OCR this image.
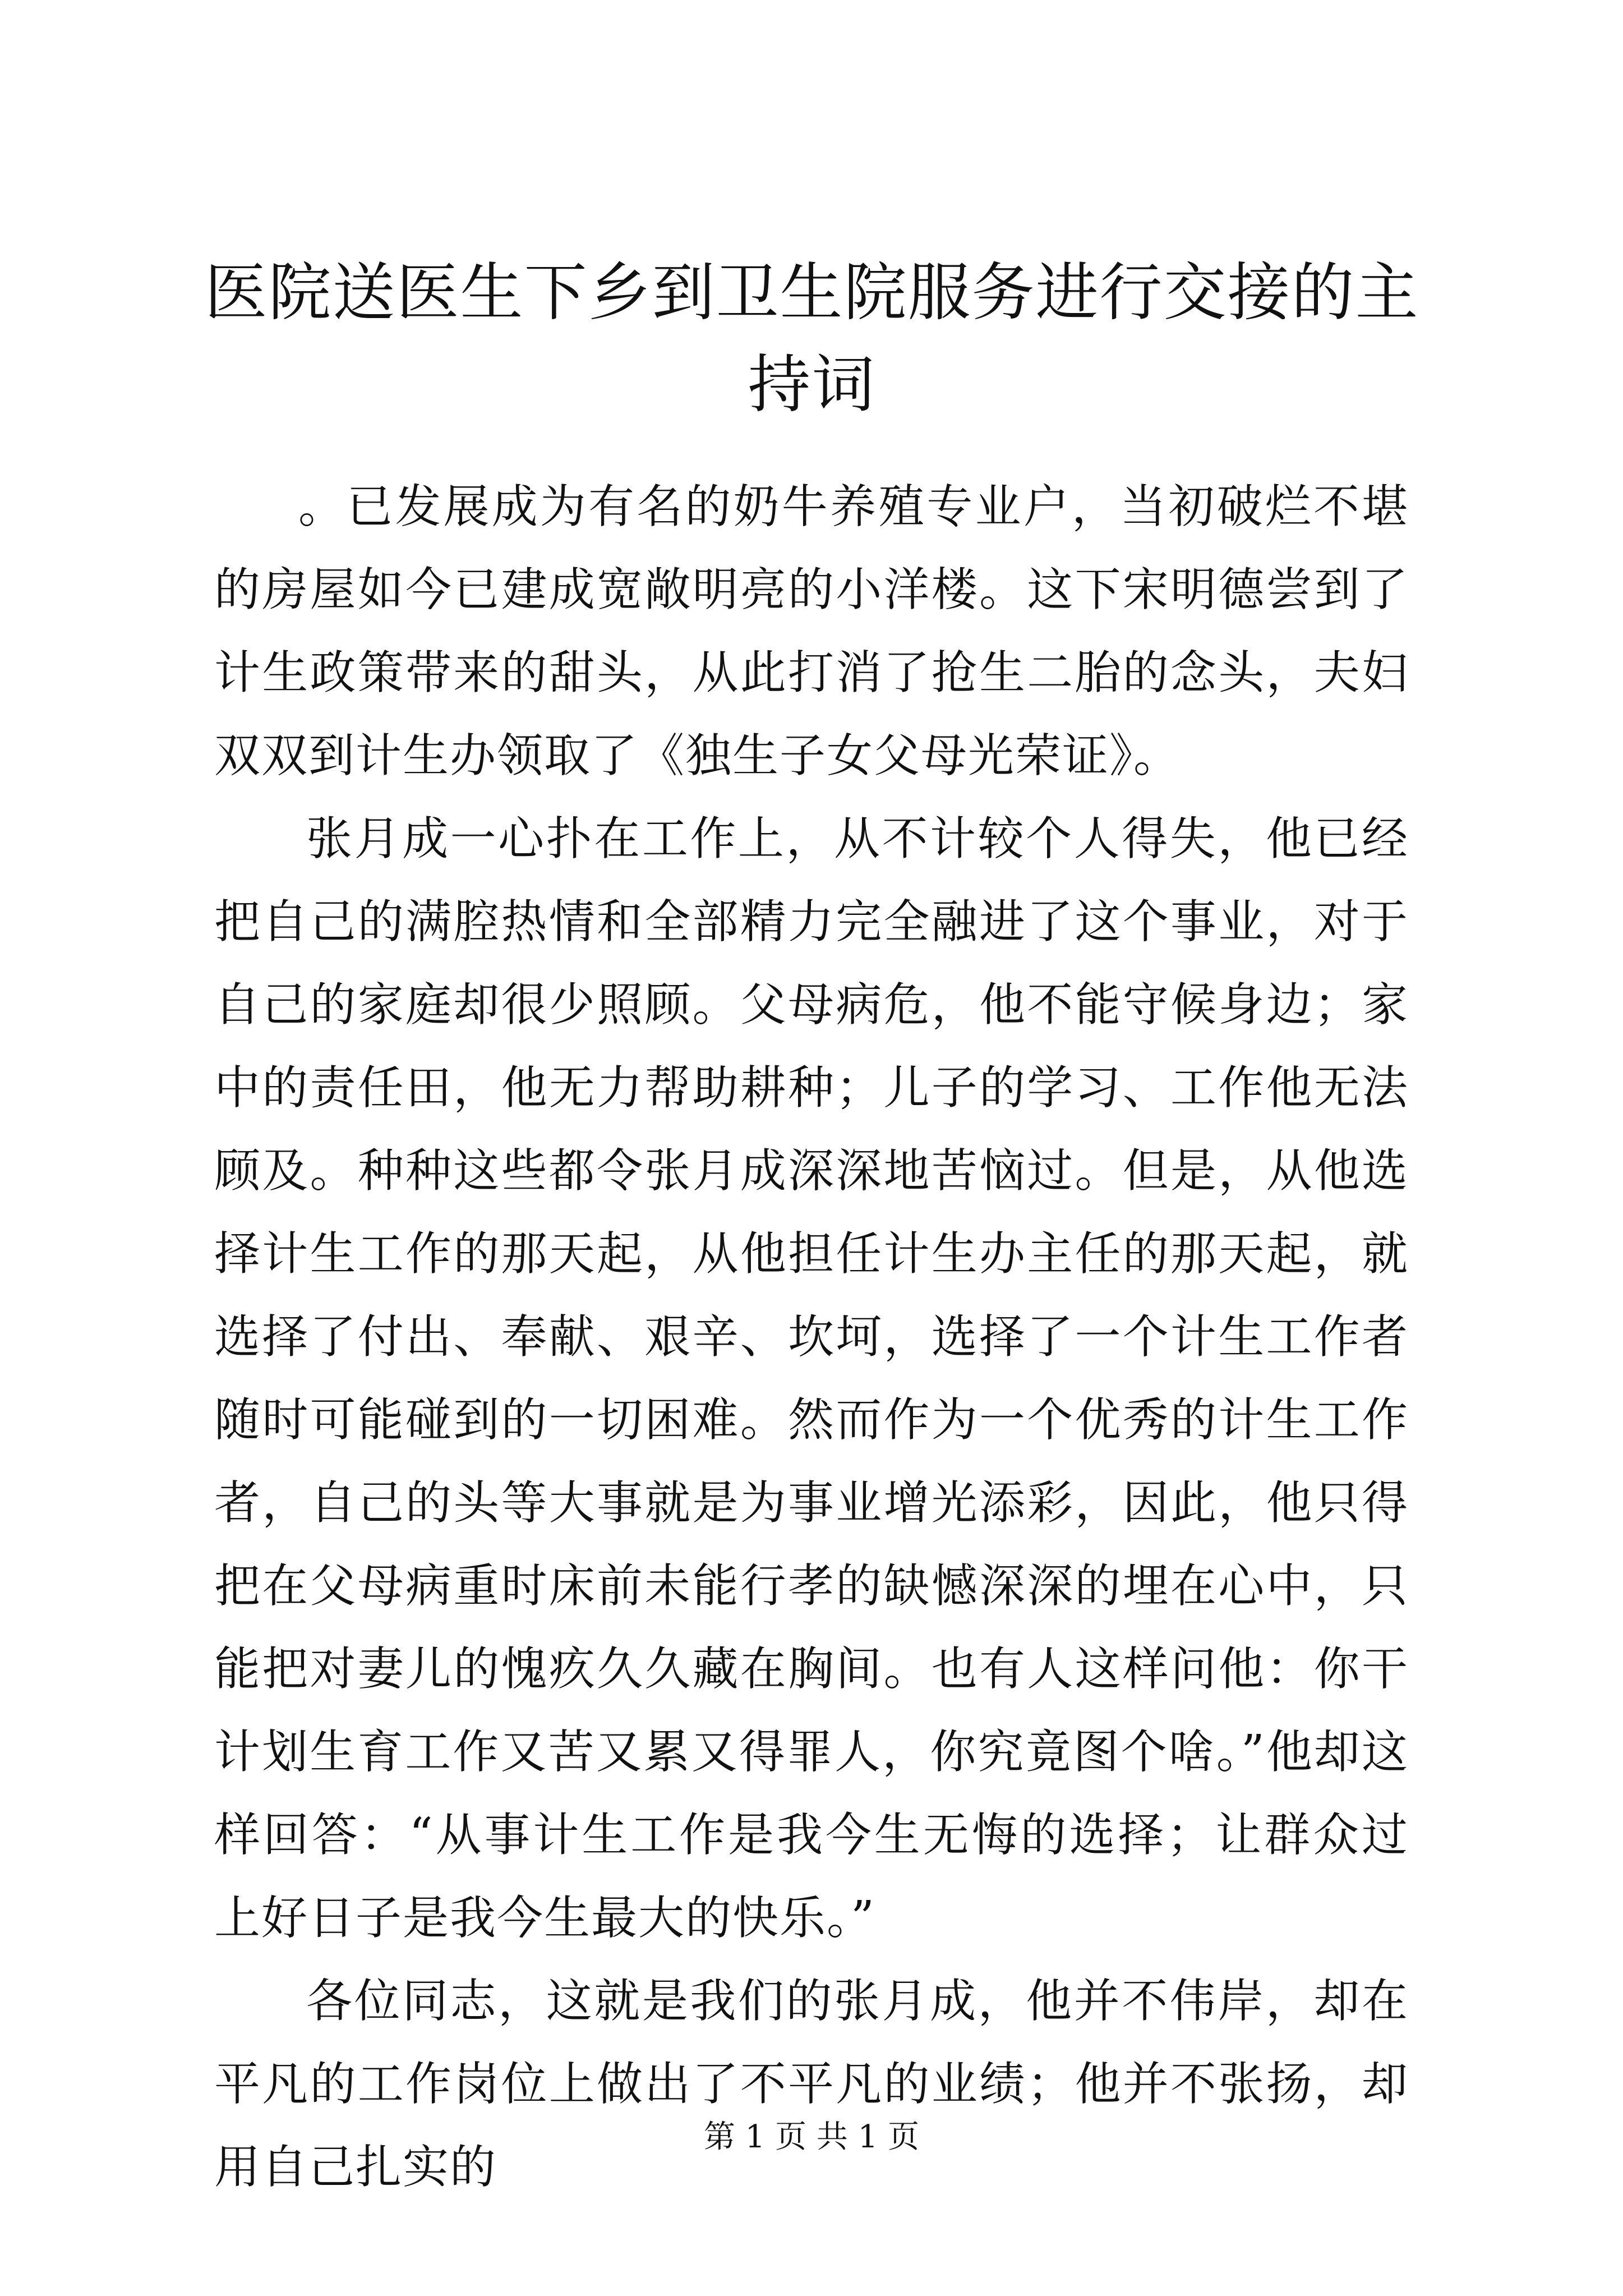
医院送医生下乡到卫生院服务进行交接的主持词

。已发展成为有名的奶牛养殖专业户，当初破烂不堪的房屋如今已建成宽敞明亮的小洋楼。这下宋明德尝到了计生政策带来的甜头，从此打消了抢生二胎的念头，夫妇双双到计生办领取了《独生子女父母光荣证》。

张月成一心扑在工作上，从不计较个人得失，他已经把自己的满腔热情和全部精力完全融进了这个事业，对于自己的家庭却很少照顾。父母病危，他不能守候身边；家中的责任田，他无力帮助耕种；儿子的学习、工作他无法顾及。种种这些都令张月成深深地苦恼过。但是，从他选择计生工作的那天起，从他担任计生办主任的那天起，就选择了付出、奉献、艰辛、坎坷，选择了一个计生工作者随时可能碰到的一切困难。然而作为一个优秀的计生工作者，自己的头等大事就是为事业增光添彩，因此，他只得把在父母病重时床前未能行孝的缺憾深深的埋在心中，只能把对妻儿的愧疚久久藏在胸间。也有人这样问他：你干计划生育工作又苦又累又得罪人，你究竟图个啥。”他却这样回答：“从事计生工作是我今生无悔的选择；让群众过上好日子是我今生最大的快乐。”

各位同志，这就是我们的张月成，他并不伟岸，却在平凡的工作岗位上做出了不平凡的业绩；他并不张扬，却用自己扎实的

第 1 页 共 1 页
